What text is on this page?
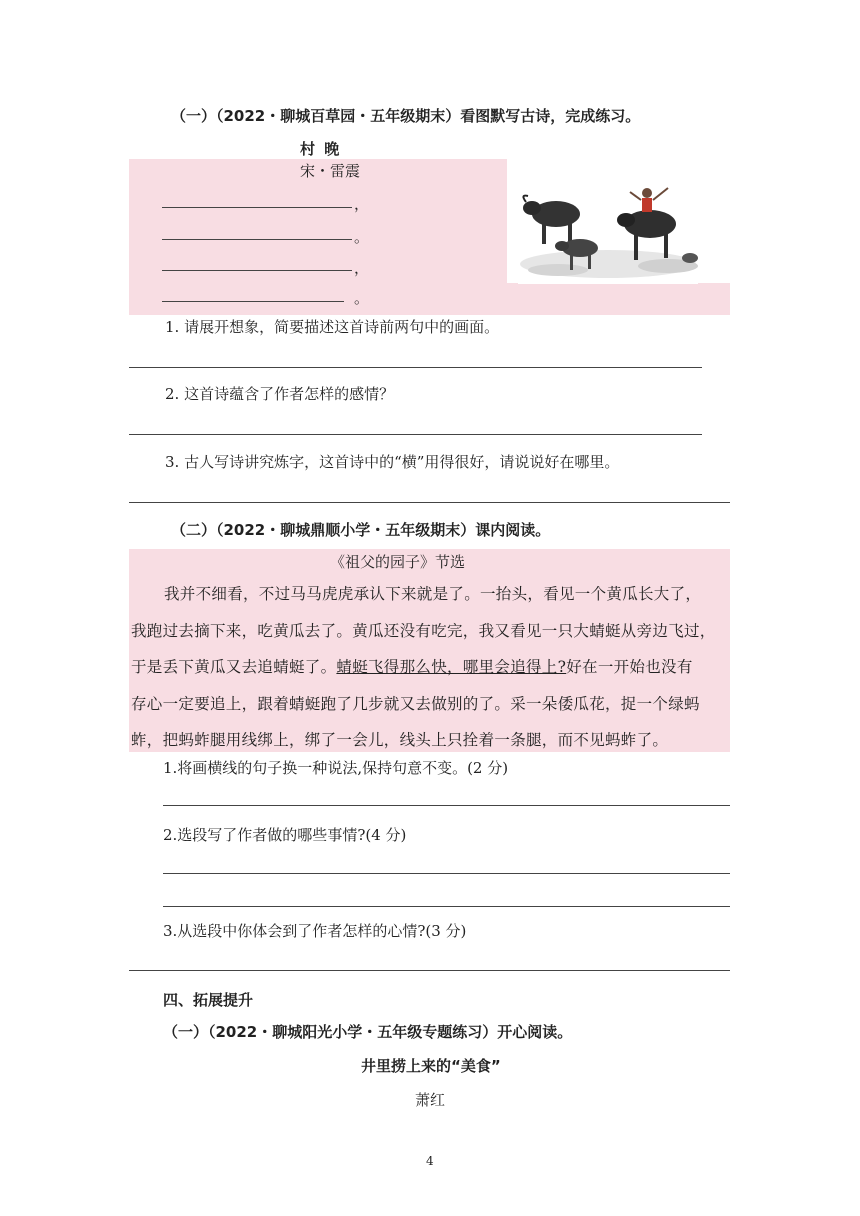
（一）（2022・聊城百草园・五年级期末）看图默写古诗，完成练习。
村 晚
宋・雷震
，
。
，
。
1. 请展开想象，简要描述这首诗前两句中的画面。
2. 这首诗蕴含了作者怎样的感情？
3. 古人写诗讲究炼字，这首诗中的“横”用得很好，请说说好在哪里。
（二）（2022・聊城鼎顺小学・五年级期末）课内阅读。
《祖父的园子》节选

我并不细看，不过马马虎虎承认下来就是了。一抬头，看见一个黄瓜长大了，

我跑过去摘下来，吃黄瓜去了。黄瓜还没有吃完，我又看见一只大蜻蜓从旁边飞过，

于是丢下黄瓜又去追蜻蜓了。蜻蜓飞得那么快，哪里会追得上?好在一开始也没有

存心一定要追上，跟着蜻蜓跑了几步就又去做别的了。采一朵倭瓜花，捉一个绿蚂

蚱，把蚂蚱腿用线绑上，绑了一会儿，线头上只拴着一条腿，而不见蚂蚱了。

1.将画横线的句子换一种说法,保持句意不变。(2 分)
2.选段写了作者做的哪些事情?(4 分)
3.从选段中你体会到了作者怎样的心情?(3 分)
四、拓展提升
（一）（2022・聊城阳光小学・五年级专题练习）开心阅读。
井里捞上来的“美食”
萧红
4
